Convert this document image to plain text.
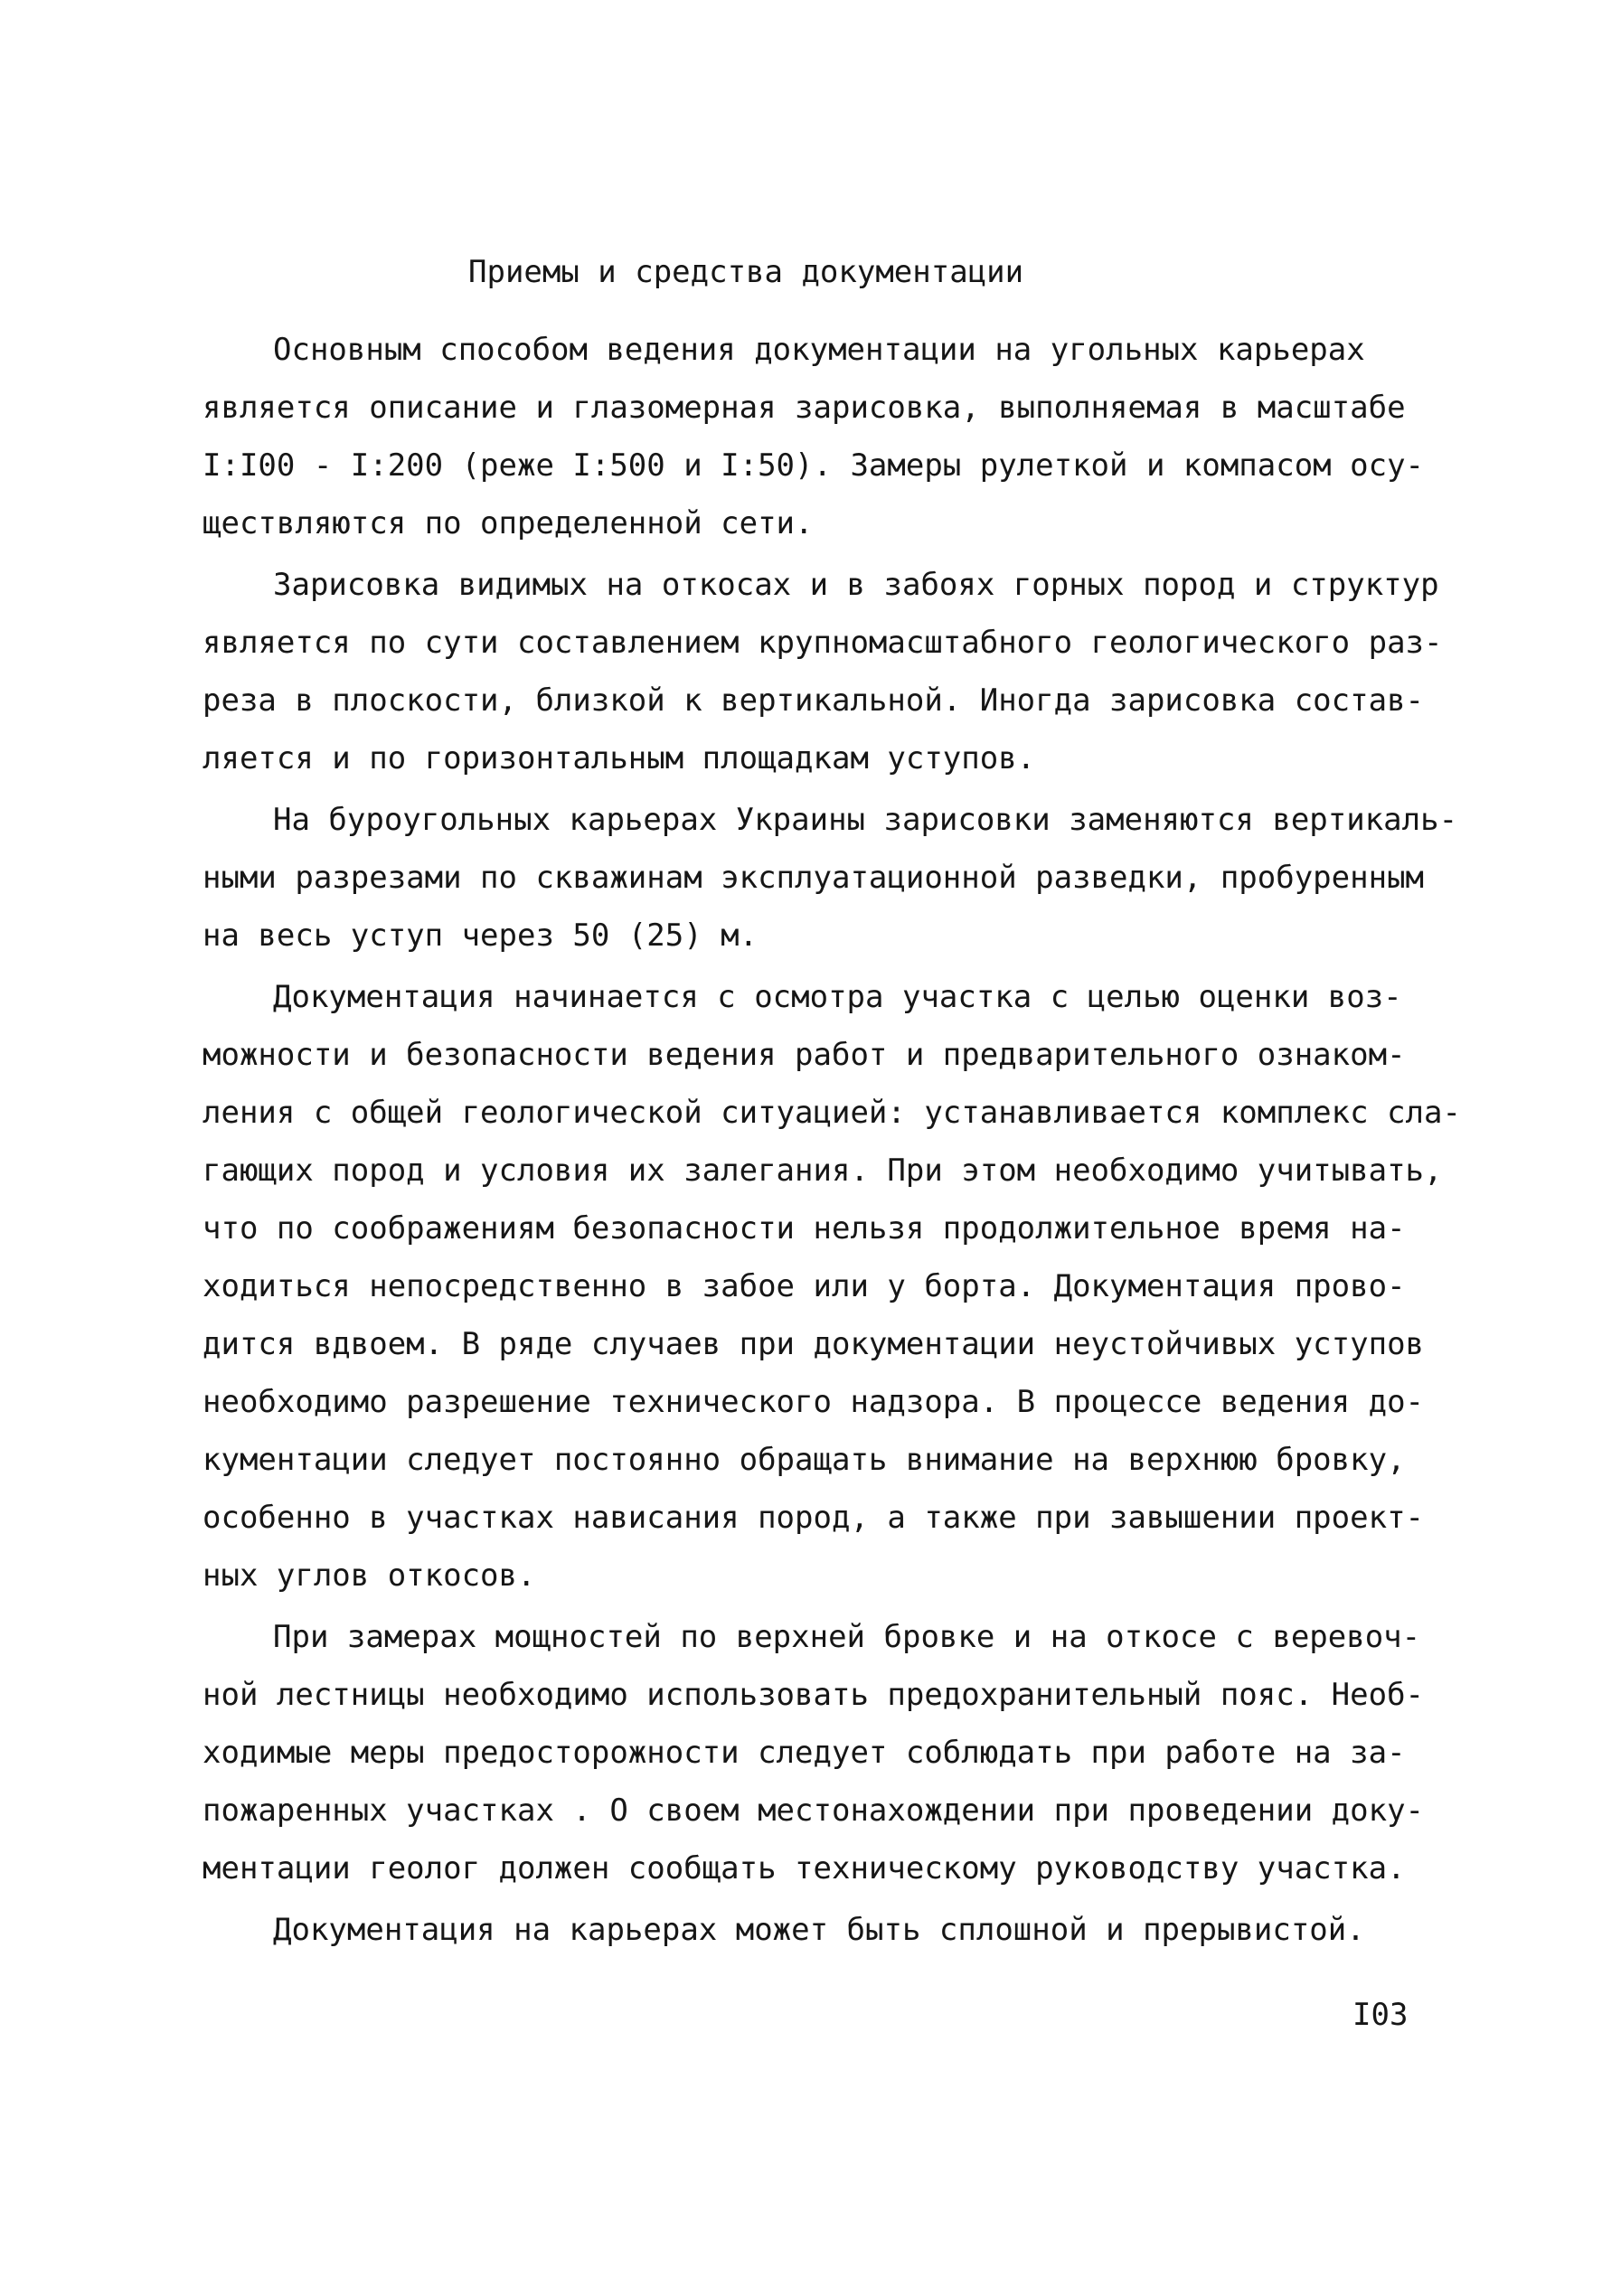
Приемы и средства документации
Основным способом ведения документации на угольных карьерах
является описание и глазомерная зарисовка, выполняемая в масштабе
I:I00 - I:200 (реже I:500 и I:50). Замеры рулеткой и компасом осу-
ществляются по определенной сети.
Зарисовка видимых на откосах и в забоях горных пород и структур
является по сути составлением крупномасштабного геологического раз-
реза в плоскости, близкой к вертикальной. Иногда зарисовка состав-
ляется и по горизонтальным площадкам уступов.
На буроугольных карьерах Украины зарисовки заменяются вертикаль-
ными разрезами по скважинам эксплуатационной разведки, пробуренным
на весь уступ через 50 (25) м.
Документация начинается с осмотра участка с целью оценки воз-
можности и безопасности ведения работ и предварительного ознаком-
ления с общей геологической ситуацией: устанавливается комплекс сла-
гающих пород и условия их залегания. При этом необходимо учитывать,
что по соображениям безопасности нельзя продолжительное время на-
ходиться непосредственно в забое или у борта. Документация прово-
дится вдвоем. В ряде случаев при документации неустойчивых уступов
необходимо разрешение технического надзора. В процессе ведения до-
кументации следует постоянно обращать внимание на верхнюю бровку,
особенно в участках нависания пород, а также при завышении проект-
ных углов откосов.
При замерах мощностей по верхней бровке и на откосе с веревоч-
ной лестницы необходимо использовать предохранительный пояс. Необ-
ходимые меры предосторожности следует соблюдать при работе на за-
пожаренных участках . О своем местонахождении при проведении доку-
ментации геолог должен сообщать техническому руководству участка.
Документация на карьерах может быть сплошной и прерывистой.
I03
